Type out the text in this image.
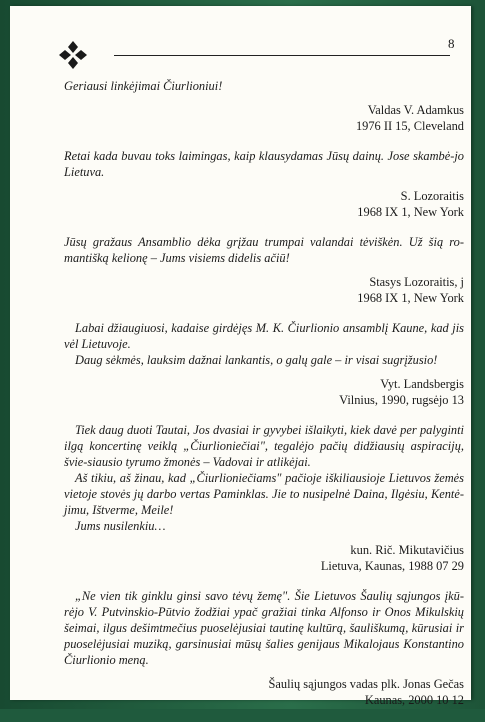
8

Geriausi linkėjimai Čiurlioniui!

Valdas V. Adamkus

1976 II 15, Cleveland

Retai kada buvau toks laimingas, kaip klausydamas Jūsų dainų. Jose skambė-jo Lietuva.

S. Lozoraitis

1968 IX 1, New York

Jūsų gražaus Ansamblio dėka grįžau trumpai valandai tėviškėn. Už šią ro-mantišką kelionę – Jums visiems didelis ačiū!

Stasys Lozoraitis, j

1968 IX 1, New York

Labai džiaugiuosi, kadaise girdėjęs M. K. Čiurlionio ansamblį Kaune, kad jis vėl Lietuvoje.

Daug sėkmės, lauksim dažnai lankantis, o galų gale – ir visai sugrįžusio!

Vyt. Landsbergis

Vilnius, 1990, rugsėjo 13

Tiek daug duoti Tautai, Jos dvasiai ir gyvybei išlaikyti, kiek davė per palyginti ilgą koncertinę veiklą „Čiurlioniečiai", tegalėjo pačių didžiausių aspiracijų, švie-siausio tyrumo žmonės – Vadovai ir atlikėjai.

Aš tikiu, aš žinau, kad „Čiurlioniečiams" pačioje iškiliausioje Lietuvos žemės vietoje stovės jų darbo vertas Paminklas. Jie to nusipelnė Daina, Ilgėsiu, Kentė-jimu, Ištverme, Meile!

Jums nusilenkiu…

kun. Rič. Mikutavičius

Lietuva, Kaunas, 1988 07 29

„Ne vien tik ginklu ginsi savo tėvų žemę". Šie Lietuvos Šaulių sąjungos įkū-rėjo V. Putvinskio-Pūtvio žodžiai ypač gražiai tinka Alfonso ir Onos Mikulskių šeimai, ilgus dešimtmečius puoselėjusiai tautinę kultūrą, šauliškumą, kūrusiai ir puoselėjusiai muziką, garsinusiai mūsų šalies genijaus Mikalojaus Konstantino Čiurlionio meną.

Šaulių sąjungos vadas plk. Jonas Gečas

Kaunas, 2000 10 12
